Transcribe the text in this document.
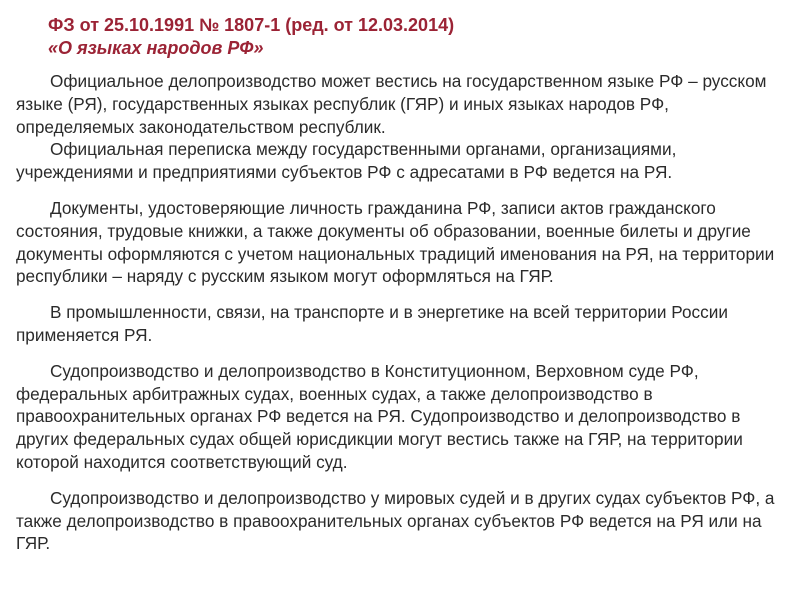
ФЗ от 25.10.1991 № 1807-1 (ред. от 12.03.2014)

«О языках народов РФ»

Официальное делопроизводство может вестись на государственном языке РФ – русском языке (РЯ), государственных языках республик (ГЯР) и иных языках народов РФ, определяемых законодательством республик.

Официальная переписка между государственными органами, организациями, учреждениями и предприятиями субъектов РФ с адресатами в РФ ведется на РЯ.

Документы, удостоверяющие личность гражданина РФ, записи актов гражданского состояния, трудовые книжки, а также документы об образовании, военные билеты и другие документы оформляются с учетом национальных традиций именования на РЯ, на территории республики – наряду с русским языком могут оформляться на ГЯР.

В промышленности, связи, на транспорте и в энергетике на всей территории России применяется РЯ.

Судопроизводство и делопроизводство в Конституционном, Верховном суде РФ, федеральных арбитражных судах, военных судах, а также делопроизводство в правоохранительных органах РФ ведется на РЯ. Судопроизводство и делопроизводство в других федеральных судах общей юрисдикции могут вестись также на ГЯР, на территории которой находится соответствующий суд.

Судопроизводство и делопроизводство у мировых судей и в других судах субъектов РФ, а также делопроизводство в правоохранительных органах субъектов РФ ведется на РЯ или на ГЯР.
